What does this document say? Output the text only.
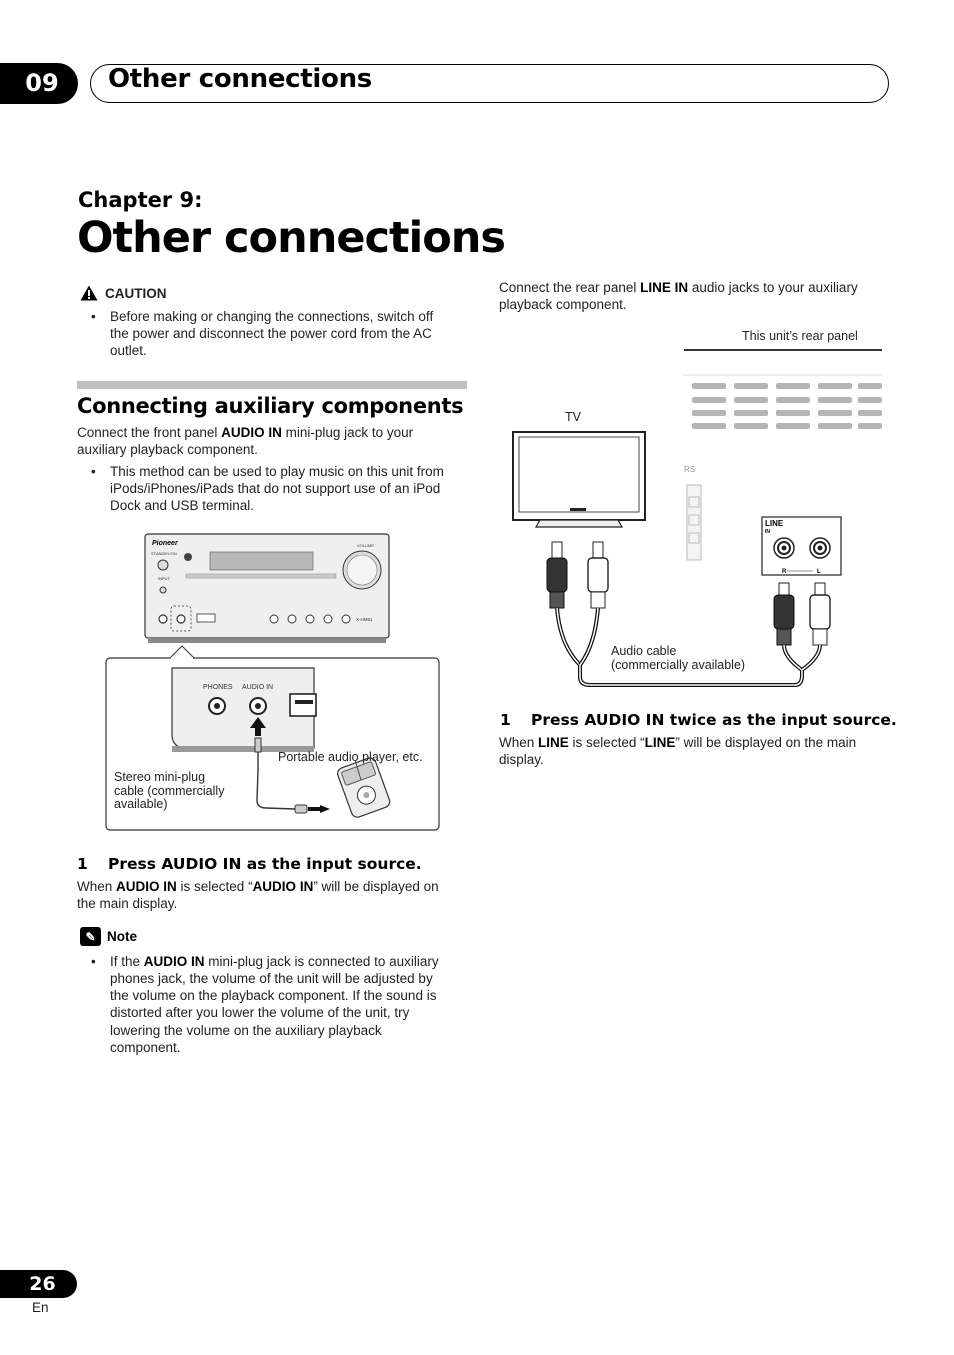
09	Other connections
Chapter 9:
Other connections
CAUTION
• Before making or changing the connections, switch off
the power and disconnect the power cord from the AC
outlet.
Connecting auxiliary components
Connect the front panel AUDIO IN mini-plug jack to your
auxiliary playback component.
• This method can be used to play music on this unit from
iPods/iPhones/iPads that do not support use of an iPod
Dock and USB terminal.
Pioneer	VOLUME
STANDBY/ON
INPUT
X-HM51
PHONES AUDIO IN
Portable audio player, etc.
Stereo mini-plug
cable (commercially
available)
1 Press AUDIO IN as the input source.
When AUDIO IN is selected “AUDIO IN” will be displayed on
the main display.
✎ Note
• If the AUDIO IN mini-plug jack is connected to auxiliary
phones jack, the volume of the unit will be adjusted by
the volume on the playback component. If the sound is
distorted after you lower the volume of the unit, try
lowering the volume on the auxiliary playback
component.
Connect the rear panel LINE IN audio jacks to your auxiliary
playback component.
This unit’s rear panel
TV
RS
LINE
IN
R	L
Audio cable
(commercially available)
1 Press AUDIO IN twice as the input source.
When LINE is selected “LINE” will be displayed on the main
display.
26
En
